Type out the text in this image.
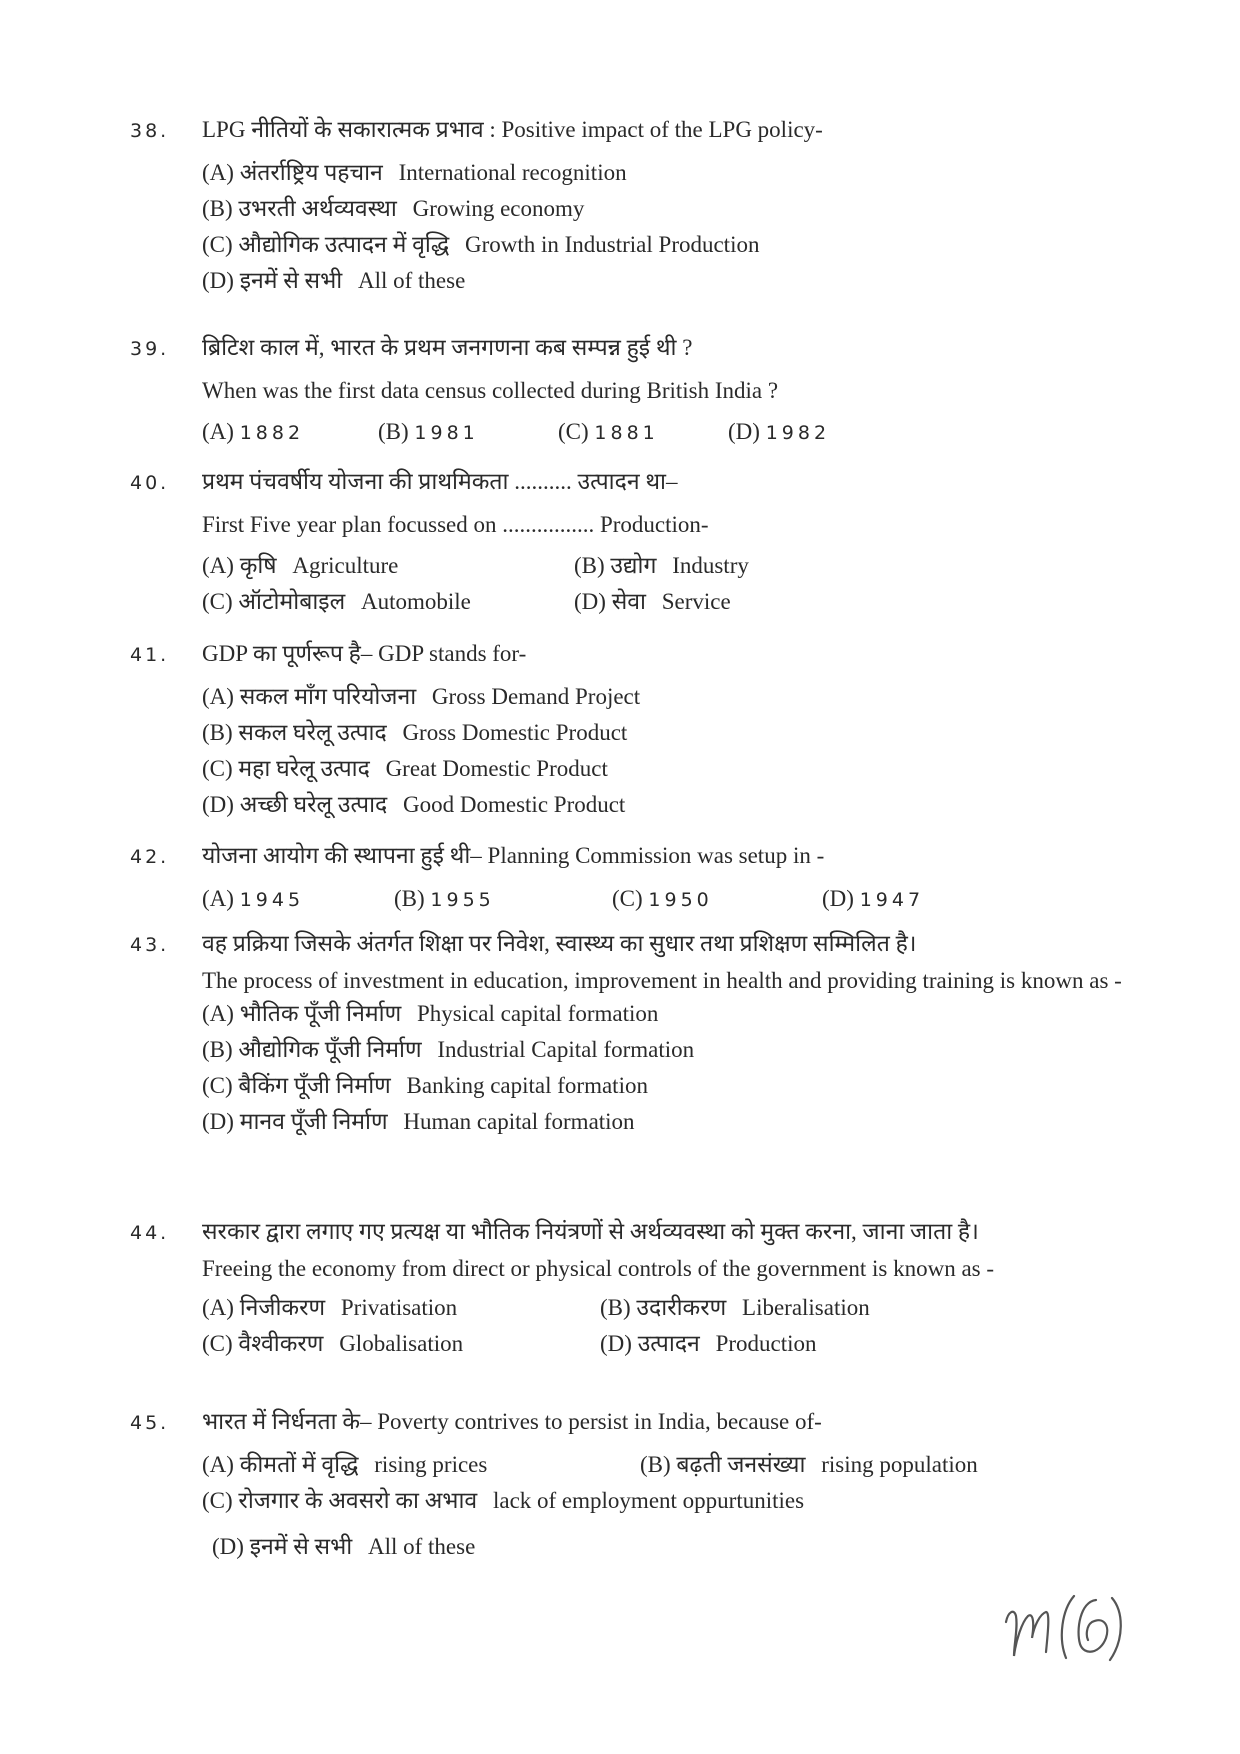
38.	LPG नीतियों के सकारात्मक प्रभाव : Positive impact of the LPG policy-
(A) अंतर्राष्ट्रिय पहचान International recognition
(B) उभरती अर्थव्यवस्था Growing economy
(C) औद्योगिक उत्पादन में वृद्धि Growth in Industrial Production
(D) इनमें से सभी All of these
39.	ब्रिटिश काल में, भारत के प्रथम जनगणना कब सम्पन्न हुई थी ?
When was the first data census collected during British India ?
(A) 1882	(B) 1981	(C) 1881	(D) 1982
40.	प्रथम पंचवर्षीय योजना की प्राथमिकता .......... उत्पादन था–
First Five year plan focussed on ................ Production-
(A) कृषि Agriculture	(B) उद्योग Industry
(C) ऑटोमोबाइल Automobile	(D) सेवा Service
41.	GDP का पूर्णरूप है– GDP stands for-
(A) सकल माँग परियोजना Gross Demand Project
(B) सकल घरेलू उत्पाद Gross Domestic Product
(C) महा घरेलू उत्पाद Great Domestic Product
(D) अच्छी घरेलू उत्पाद Good Domestic Product
42.	योजना आयोग की स्थापना हुई थी– Planning Commission was setup in -
(A) 1945	(B) 1955	(C) 1950	(D) 1947
43.	वह प्रक्रिया जिसके अंतर्गत शिक्षा पर निवेश, स्वास्थ्य का सुधार तथा प्रशिक्षण सम्मिलित है।
The process of investment in education, improvement in health and providing training is known as -
(A) भौतिक पूँजी निर्माण Physical capital formation
(B) औद्योगिक पूँजी निर्माण Industrial Capital formation
(C) बैकिंग पूँजी निर्माण Banking capital formation
(D) मानव पूँजी निर्माण Human capital formation
44.	सरकार द्वारा लगाए गए प्रत्यक्ष या भौतिक नियंत्रणों से अर्थव्यवस्था को मुक्त करना, जाना जाता है।
Freeing the economy from direct or physical controls of the government is known as -
(A) निजीकरण Privatisation	(B) उदारीकरण Liberalisation
(C) वैश्वीकरण Globalisation	(D) उत्पादन Production
45.	भारत में निर्धनता के– Poverty contrives to persist in India, because of-
(A) कीमतों में वृद्धि rising prices	(B) बढ़ती जनसंख्या rising population
(C) रोजगार के अवसरो का अभाव lack of employment oppurtunities
(D) इनमें से सभी All of these
